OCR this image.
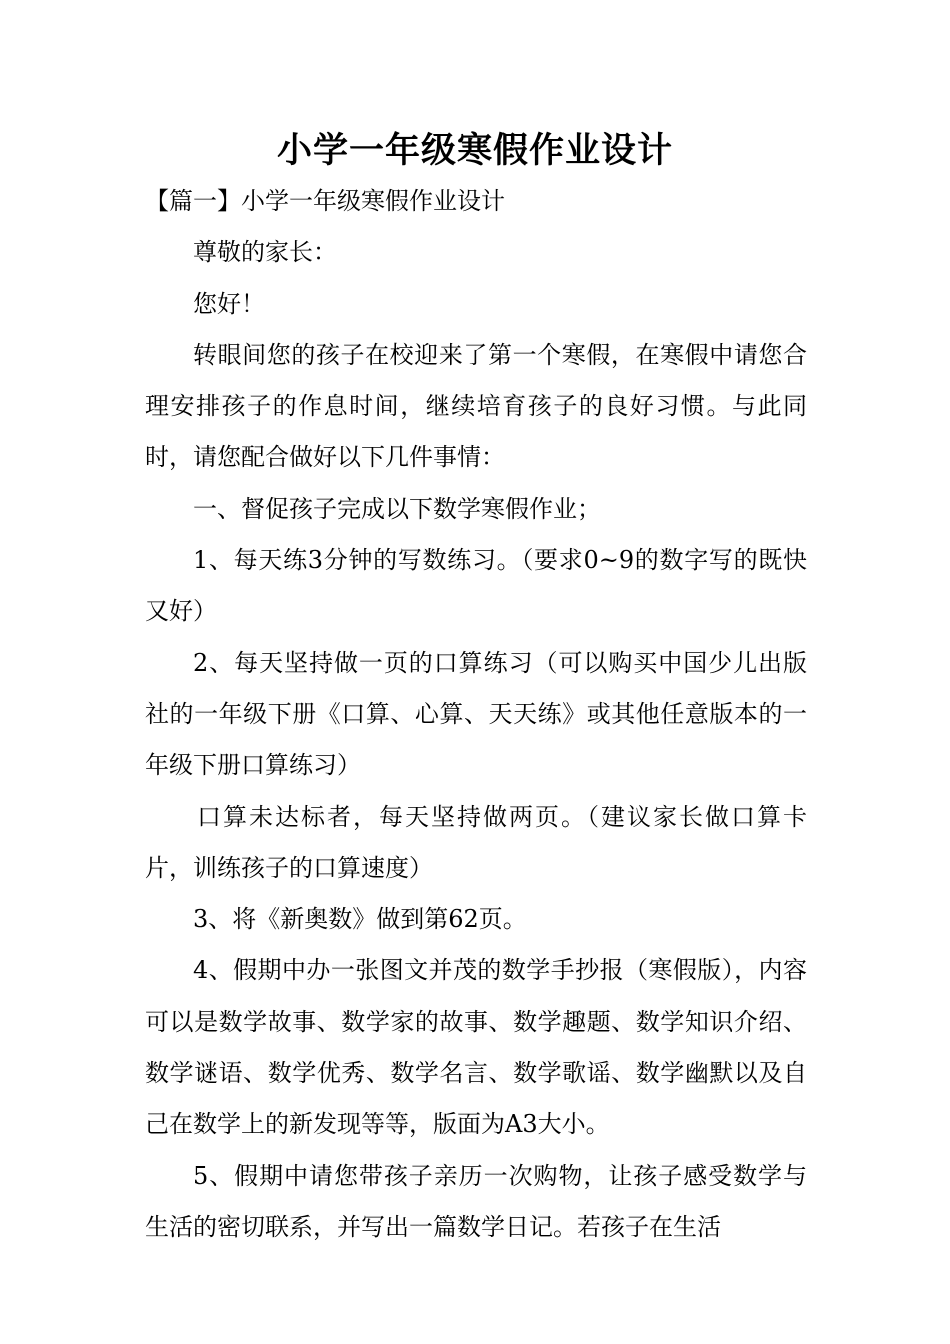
小学一年级寒假作业设计

【篇一】小学一年级寒假作业设计

尊敬的家长：

您好！

转眼间您的孩子在校迎来了第一个寒假，在寒假中请您合理安排孩子的作息时间，继续培育孩子的良好习惯。与此同时，请您配合做好以下几件事情：

一、督促孩子完成以下数学寒假作业；

1、每天练3分钟的写数练习。（要求0~9的数字写的既快又好）

2、每天坚持做一页的口算练习（可以购买中国少儿出版社的一年级下册《口算、心算、天天练》或其他任意版本的一年级下册口算练习）

口算未达标者，每天坚持做两页。（建议家长做口算卡片，训练孩子的口算速度）

3、将《新奥数》做到第62页。

4、假期中办一张图文并茂的数学手抄报（寒假版），内容可以是数学故事、数学家的故事、数学趣题、数学知识介绍、数学谜语、数学优秀、数学名言、数学歌谣、数学幽默以及自己在数学上的新发现等等，版面为A3大小。

5、假期中请您带孩子亲历一次购物，让孩子感受数学与生活的密切联系，并写出一篇数学日记。若孩子在生活
